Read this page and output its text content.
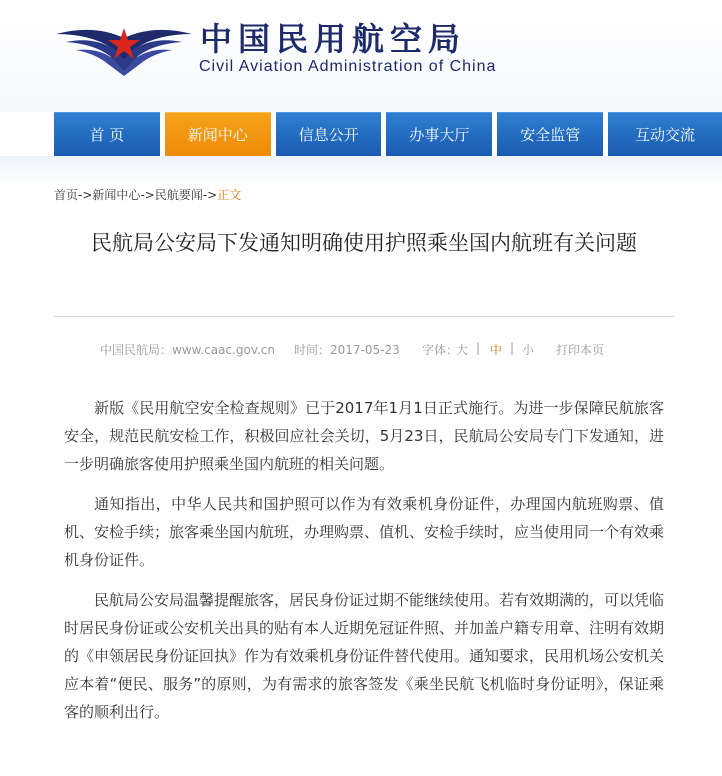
中国民用航空局
Civil Aviation Administration of China
首 页	新闻中心	信息公开	办事大厅	安全监管	互动交流
首页->新闻中心->民航要闻->正文
民航局公安局下发通知明确使用护照乘坐国内航班有关问题
中国民航局：www.caac.gov.cn 时间：2017-05-23 字体：
大 | 中 | 小 打印本页

新版《民用航空安全检查规则》已于2017年1月1日正式施行。为进一步保障民航旅客安全，规范民航安检工作，积极回应社会关切，5月23日，民航局公安局专门下发通知，进一步明确旅客使用护照乘坐国内航班的相关问题。

通知指出，中华人民共和国护照可以作为有效乘机身份证件，办理国内航班购票、值机、安检手续；旅客乘坐国内航班，办理购票、值机、安检手续时，应当使用同一个有效乘机身份证件。

民航局公安局温馨提醒旅客，居民身份证过期不能继续使用。若有效期满的，可以凭临时居民身份证或公安机关出具的贴有本人近期免冠证件照、并加盖户籍专用章、注明有效期的《申领居民身份证回执》作为有效乘机身份证件替代使用。通知要求，民用机场公安机关应本着“便民、服务”的原则，为有需求的旅客签发《乘坐民航飞机临时身份证明》，保证乘客的顺利出行。
